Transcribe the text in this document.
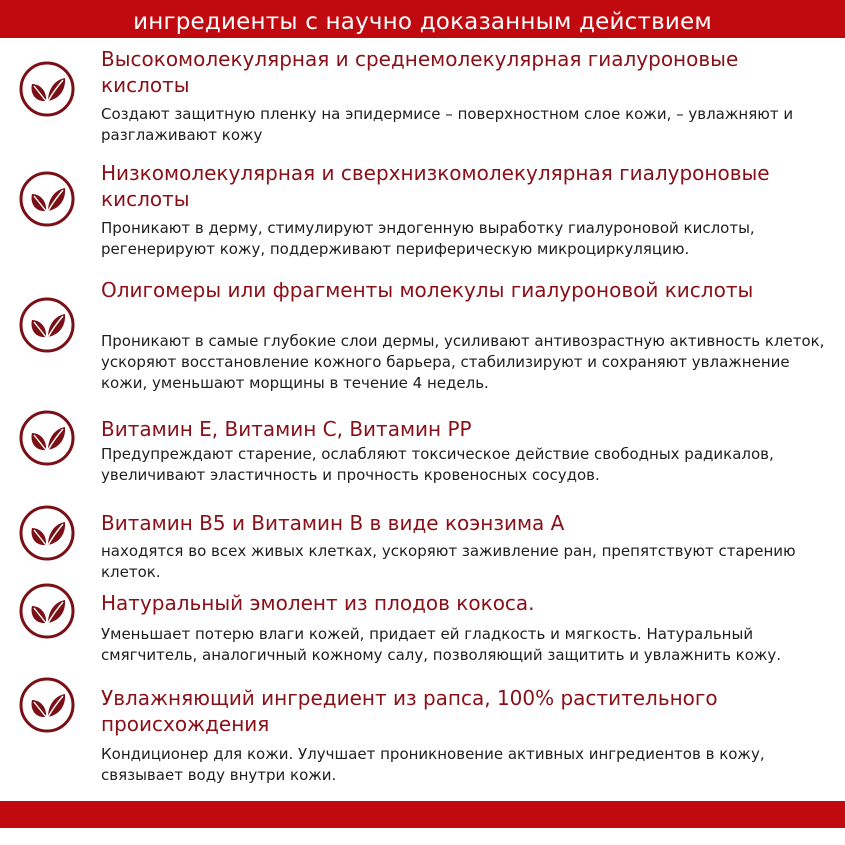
ингредиенты с научно доказанным действием
Высокомолекулярная и среднемолекулярная гиалуроновые кислоты

Создают защитную пленку на эпидермисе – поверхностном слое кожи, – увлажняют и разглаживают кожу

Низкомолекулярная и сверхнизкомолекулярная гиалуроновые кислоты

Проникают в дерму, стимулируют эндогенную выработку гиалуроновой кислоты, регенерируют кожу, поддерживают периферическую микроциркуляцию.

Олигомеры или фрагменты молекулы гиалуроновой кислоты

Проникают в самые глубокие слои дермы, усиливают антивозрастную активность клеток, ускоряют восстановление кожного барьера, стабилизируют и сохраняют увлажнение кожи, уменьшают морщины в течение 4 недель.

Витамин Е, Витамин С, Витамин РР

Предупреждают старение, ослабляют токсическое действие свободных радикалов, увеличивают эластичность и прочность кровеносных сосудов.

Витамин В5 и Витамин В в виде коэнзима А

находятся во всех живых клетках, ускоряют заживление ран, препятствуют старению клеток.

Натуральный эмолент из плодов кокоса.

Уменьшает потерю влаги кожей, придает ей гладкость и мягкость. Натуральный смягчитель, аналогичный кожному салу, позволяющий защитить и увлажнить кожу.

Увлажняющий ингредиент из рапса, 100% растительного происхождения

Кондиционер для кожи. Улучшает проникновение активных ингредиентов в кожу, связывает воду внутри кожи.
